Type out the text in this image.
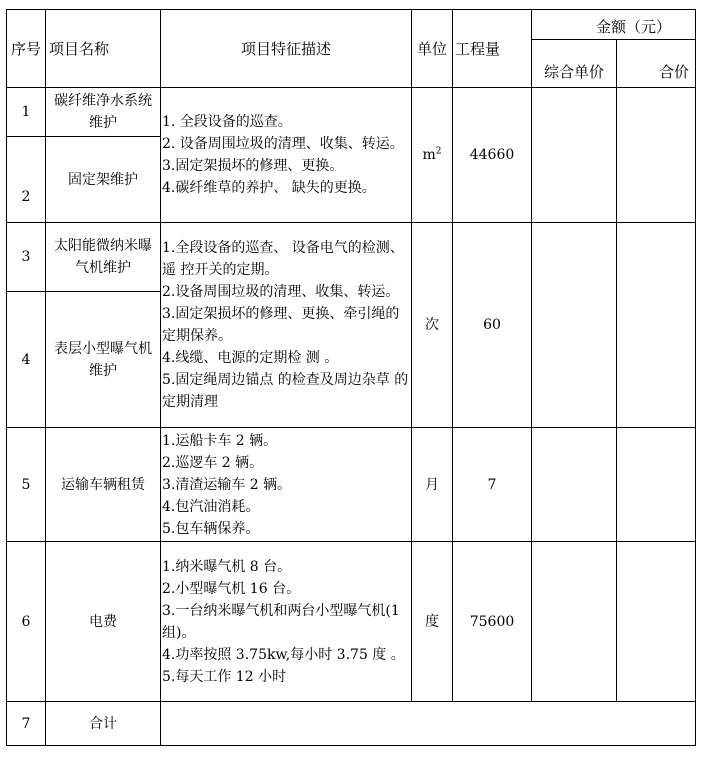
序号	项目名称	项目特征描述	单位	工程量	金额（元）	
					综合单价	合价
1	碳纤维净水系统维护	1. 全段设备的巡查。
2. 设备周围垃圾的清理、收集、转运。
3.固定架损坏的修理、更换。
4.碳纤维草的养护、 缺失的更换。	$m^2$	44660		
2	固定架维护					
3	太阳能微纳米曝气机维护	1.全段设备的巡查、 设备电气的检测、遥 控开关的定期。
2.设备周围垃圾的清理、收集、转运。
3.固定架损坏的修理、更换、牵引绳的定期保养。
4.线缆、电源的定期检 测 。
5.固定绳周边锚点 的检查及周边杂草 的定期清理	次	60		
4	表层小型曝气机维护					
5	运输车辆租赁	1.运船卡车 2 辆。
2.巡逻车 2 辆。
3.清渣运输车 2 辆。
4.包汽油消耗。
5.包车辆保养。	月	7		
6	电费	1.纳米曝气机 8 台。
2.小型曝气机 16 台。
3.一台纳米曝气机和两台小型曝气机(1 组)。
4.功率按照 3.75kw,每小时 3.75 度 。
5.每天工作 12 小时	度	75600		
7	合计					
